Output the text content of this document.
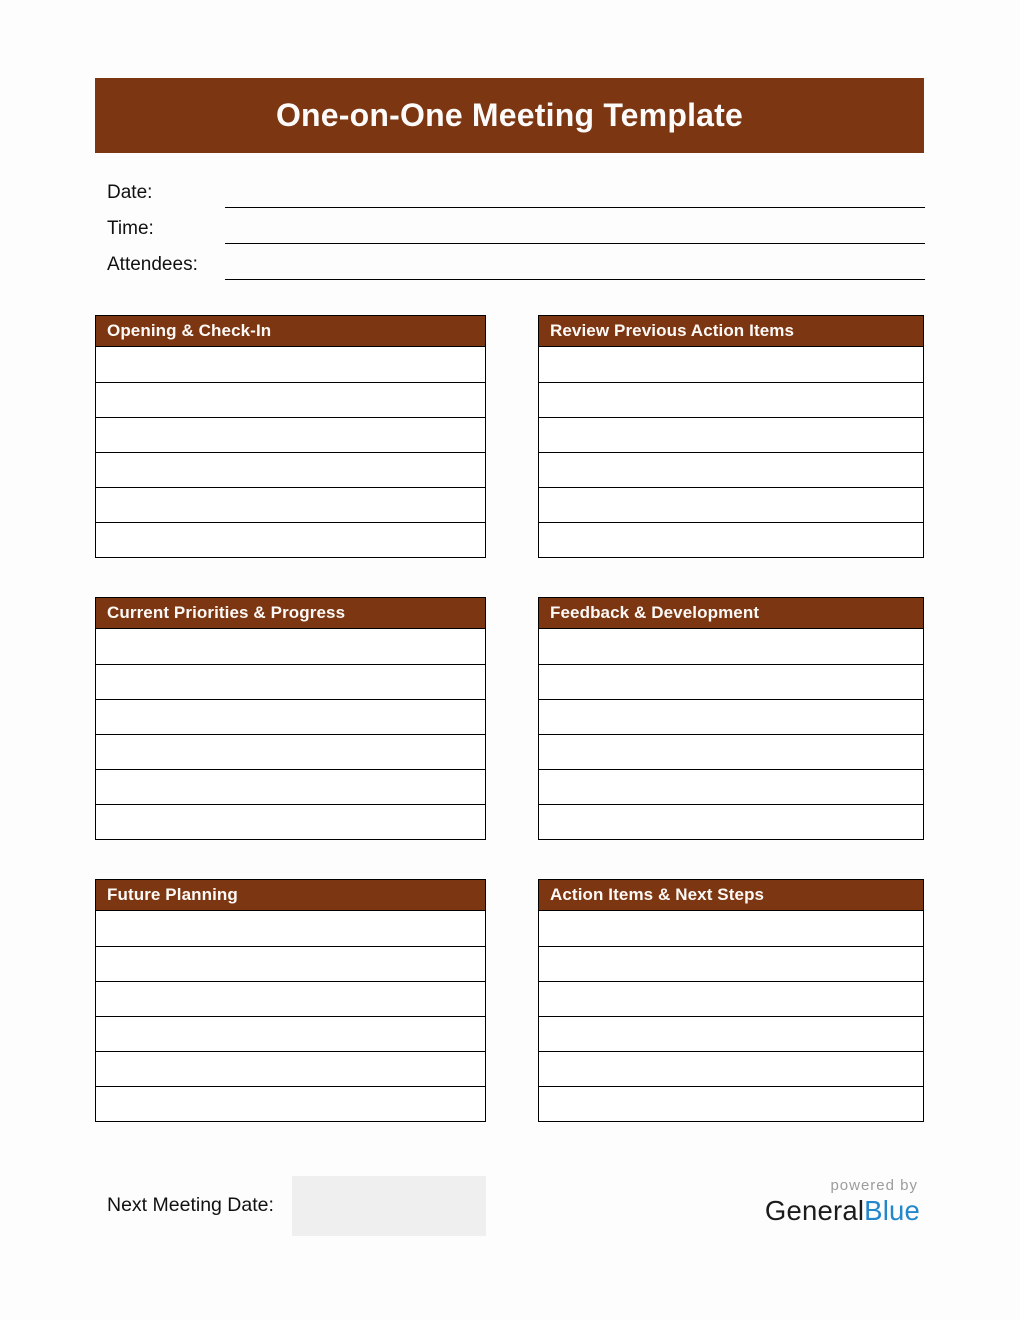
One-on-One Meeting Template
Date:
Time:
Attendees:
Opening & Check-In	Review Previous Action Items
Current Priorities & Progress	Feedback & Development
Future Planning	Action Items & Next Steps
Next Meeting Date:
powered by
GeneralBlue
